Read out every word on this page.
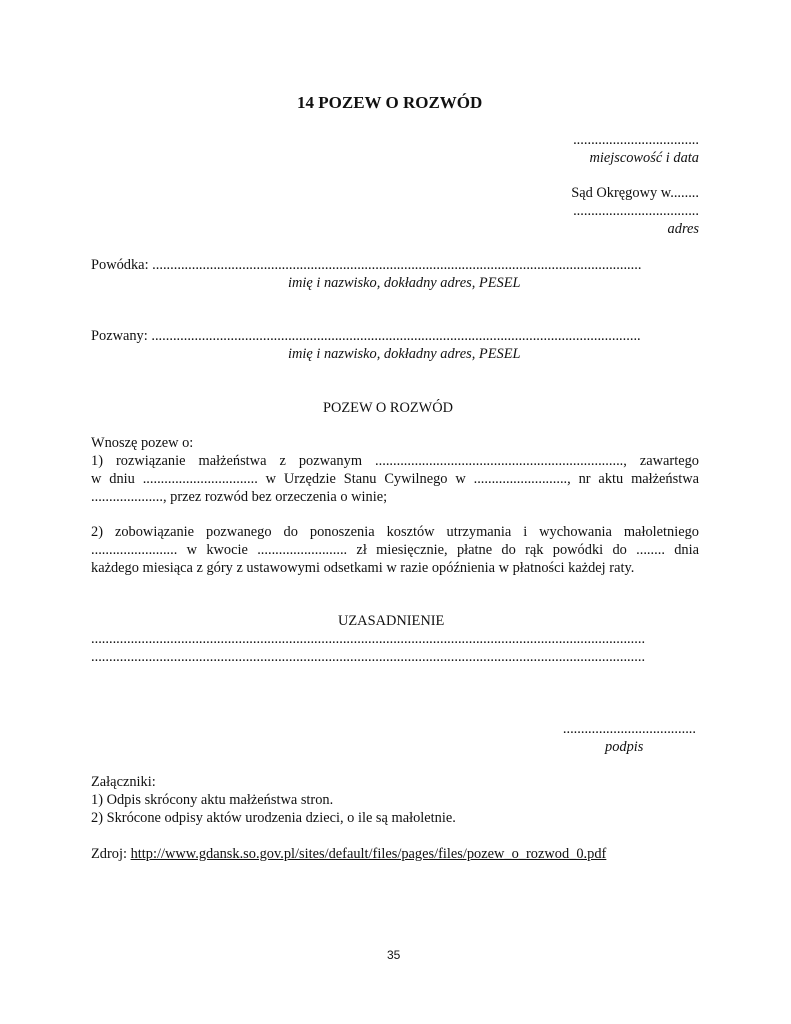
14 POZEW O ROZWÓD
...................................
miejscowość i data
Sąd Okręgowy w........
...................................
adres
Powódka: ........................................................................................................................................
imię i nazwisko, dokładny adres, PESEL
Pozwany: ........................................................................................................................................
imię i nazwisko, dokładny adres, PESEL
POZEW O ROZWÓD
Wnoszę pozew o:
1) rozwiązanie małżeństwa z pozwanym ....................................................................., zawartego
w dniu ................................ w Urzędzie Stanu Cywilnego w .........................., nr aktu małżeństwa
...................., przez rozwód bez orzeczenia o winie;
2) zobowiązanie pozwanego do ponoszenia kosztów utrzymania i wychowania małoletniego
........................ w kwocie ......................... zł miesięcznie, płatne do rąk powódki do ........ dnia
każdego miesiąca z góry z ustawowymi odsetkami w razie opóźnienia w płatności każdej raty.
UZASADNIENIE
..........................................................................................................................................................
..........................................................................................................................................................
.....................................
podpis
Załączniki:
1) Odpis skrócony aktu małżeństwa stron.
2) Skrócone odpisy aktów urodzenia dzieci, o ile są małoletnie.
Zdroj: http://www.gdansk.so.gov.pl/sites/default/files/pages/files/pozew_o_rozwod_0.pdf
35
